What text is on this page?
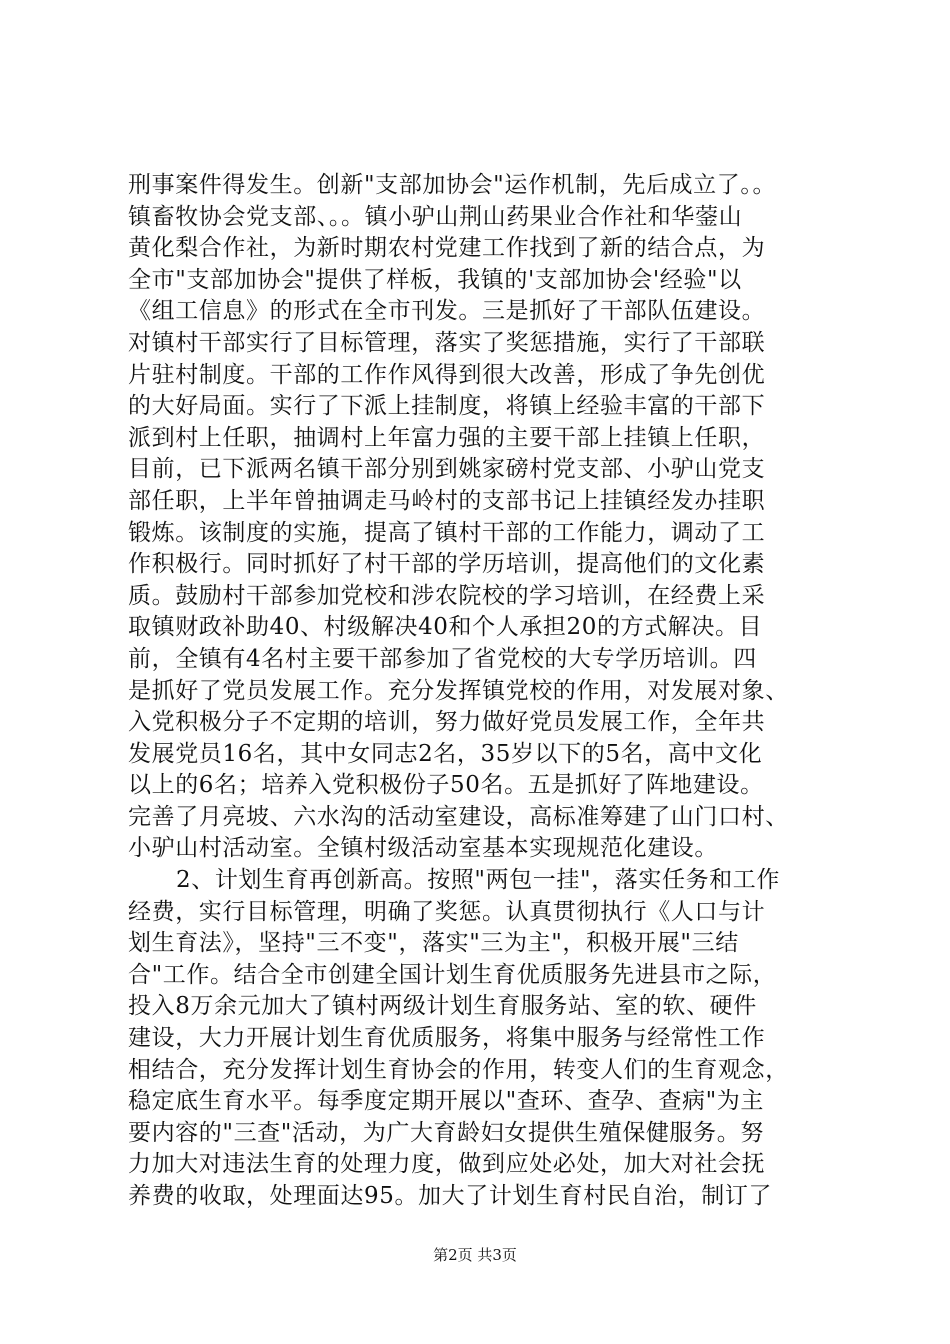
刑事案件得发生。创新"支部加协会"运作机制，先后成立了。。
镇畜牧协会党支部、。。镇小驴山荆山药果业合作社和华蓥山
黄化梨合作社，为新时期农村党建工作找到了新的结合点，为
全市"支部加协会"提供了样板，我镇的'支部加协会'经验"以
《组工信息》的形式在全市刊发。三是抓好了干部队伍建设。
对镇村干部实行了目标管理，落实了奖惩措施，实行了干部联
片驻村制度。干部的工作作风得到很大改善，形成了争先创优
的大好局面。实行了下派上挂制度，将镇上经验丰富的干部下
派到村上任职，抽调村上年富力强的主要干部上挂镇上任职，
目前，已下派两名镇干部分别到姚家磅村党支部、小驴山党支
部任职，上半年曾抽调走马岭村的支部书记上挂镇经发办挂职
锻炼。该制度的实施，提高了镇村干部的工作能力，调动了工
作积极行。同时抓好了村干部的学历培训，提高他们的文化素
质。鼓励村干部参加党校和涉农院校的学习培训，在经费上采
取镇财政补助40、村级解决40和个人承担20的方式解决。目
前，全镇有4名村主要干部参加了省党校的大专学历培训。四
是抓好了党员发展工作。充分发挥镇党校的作用，对发展对象、
入党积极分子不定期的培训，努力做好党员发展工作，全年共
发展党员16名，其中女同志2名，35岁以下的5名，高中文化
以上的6名；培养入党积极份子50名。五是抓好了阵地建设。
完善了月亮坡、六水沟的活动室建设，高标准筹建了山门口村、
小驴山村活动室。全镇村级活动室基本实现规范化建设。
2、计划生育再创新高。按照"两包一挂"，落实任务和工作
经费，实行目标管理，明确了奖惩。认真贯彻执行《人口与计
划生育法》，坚持"三不变"，落实"三为主"，积极开展"三结
合"工作。结合全市创建全国计划生育优质服务先进县市之际，
投入8万余元加大了镇村两级计划生育服务站、室的软、硬件
建设，大力开展计划生育优质服务，将集中服务与经常性工作
相结合，充分发挥计划生育协会的作用，转变人们的生育观念，
稳定底生育水平。每季度定期开展以"查环、查孕、查病"为主
要内容的"三查"活动，为广大育龄妇女提供生殖保健服务。努
力加大对违法生育的处理力度，做到应处必处，加大对社会抚
养费的收取，处理面达95。加大了计划生育村民自治，制订了
第2页 共3页
